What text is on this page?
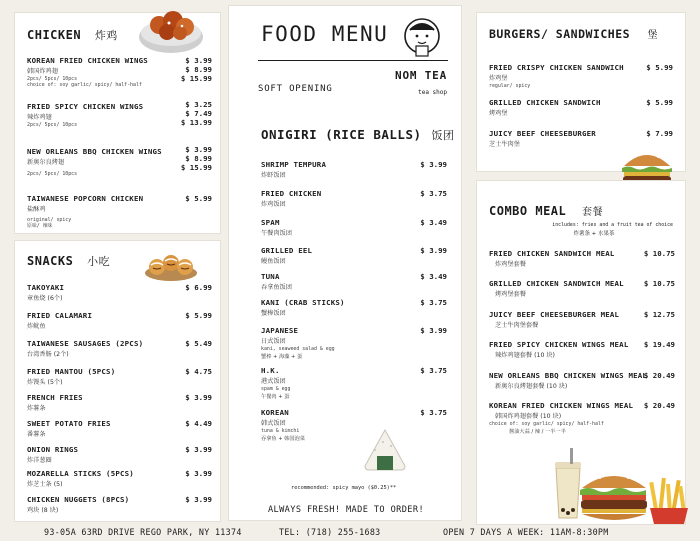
CHICKEN 炸鸡
KOREAN FRIED CHICKEN WINGS
韩国炸鸡翅
2pcs/ 5pcs/ 10pcs
choice of: soy garlic/ spicy/ half-half
$ 3.99
$ 8.99
$ 15.99
FRIED SPICY CHICKEN WINGS
辣炸鸡翅
2pcs/ 5pcs/ 10pcs
$ 3.25
$ 7.49
$ 13.99
NEW ORLEANS BBQ CHICKEN WINGS
新奥尔良烤翅
2pcs/ 5pcs/ 10pcs
$ 3.99
$ 8.99
$ 15.99
TAIWANESE POPCORN CHICKEN
盐酥鸡
original/ spicy
原味/ 辣味
$ 5.99
SNACKS 小吃
TAKOYAKI
章鱼烧 (6个)
$ 6.99
FRIED CALAMARI
炸鱿鱼
$ 5.99
TAIWANESE SAUSAGES (2PCS)
台湾香肠 (2个)
$ 5.49
FRIED MANTOU (5PCS)
炸馒头 (5个)
$ 4.75
FRENCH FRIES
炸薯条
$ 3.99
SWEET POTATO FRIES
番薯条
$ 4.49
ONION RINGS
炸洋葱圈
$ 3.99
MOZARELLA STICKS (5PCS)
炸芝士条 (5)
$ 3.99
CHICKEN NUGGETS (8PCS)
鸡块 (8 块)
$ 3.99
FOOD MENU
NOM TEA
SOFT OPENING	tea shop
ONIGIRI (RICE BALLS) 饭团
SHRIMP TEMPURA
炸虾饭团
$ 3.99
FRIED CHICKEN
炸鸡饭团
$ 3.75
SPAM
午餐肉饭团
$ 3.49
GRILLED EEL
鳗鱼饭团
$ 3.99
TUNA
吞拿鱼饭团
$ 3.49
KANI (CRAB STICKS)
蟹棒饭团
$ 3.75
JAPANESE
日式饭团
kani, seaweed salad & egg
蟹棒 + 海藻 + 蛋
$ 3.99
H.K.
港式饭团
spam & egg
午餐肉 + 蛋
$ 3.75
KOREAN
韩式饭团
tuna & kimchi
吞拿鱼 + 韩国泡菜
$ 3.75
recommended: spicy mayo ($0.25)**
ALWAYS FRESH! MADE TO ORDER!
BURGERS/ SANDWICHES 堡
FRIED CRISPY CHICKEN SANDWICH
炸鸡堡
regular/ spicy
$ 5.99
GRILLED CHICKEN SANDWICH
烤鸡堡
$ 5.99
JUICY BEEF CHEESEBURGER
芝士牛肉堡
$ 7.99
COMBO MEAL 套餐
includes: fries and a fruit tea of choice
炸薯条 + 水果茶
FRIED CHICKEN SANDWICH MEAL
炸鸡堡套餐
$ 10.75
GRILLED CHICKEN SANDWICH MEAL
烤鸡堡套餐
$ 10.75
JUICY BEEF CHEESEBURGER MEAL
芝士牛肉堡套餐
$ 12.75
FRIED SPICY CHICKEN WINGS MEAL
辣炸鸡翅套餐 (10 块)
$ 19.49
NEW ORLEANS BBQ CHICKEN WINGS MEAL
新奥尔良烤翅套餐 (10 块)
$ 20.49
KOREAN FRIED CHICKEN WINGS MEAL
韩国炸鸡翅套餐 (10 块)
choice of: soy garlic/ spicy/ half-half
酱油大蒜 / 辣 / 一半一半
$ 20.49
93-05A 63RD DRIVE REGO PARK, NY 11374	TEL: (718) 255-1683	OPEN 7 DAYS A WEEK: 11AM-8:30PM
